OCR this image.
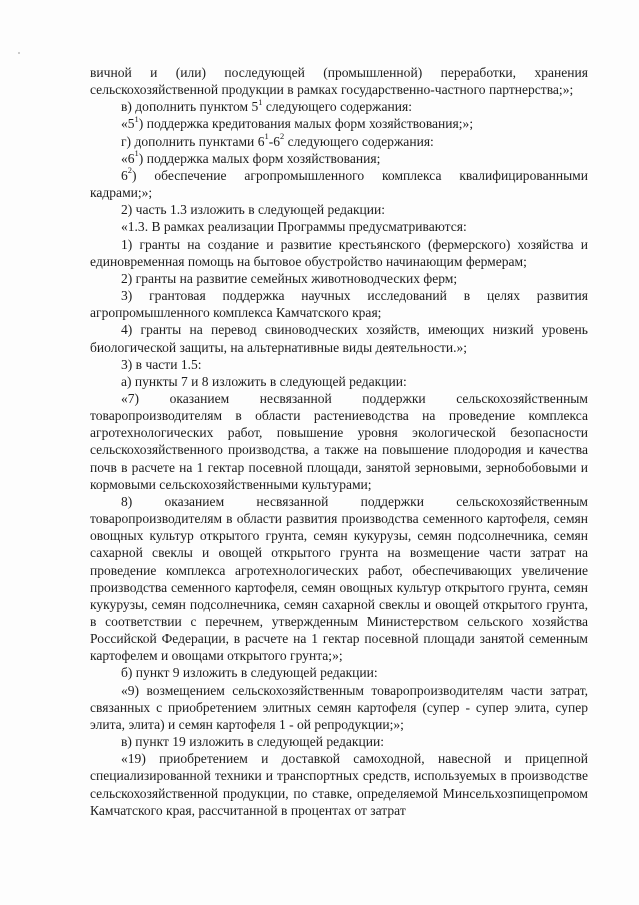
вичной и (или) последующей (промышленной) переработки, хранения сельскохозяйственной продукции в рамках государственно-частного партнерства;»;

в) дополнить пунктом $5^1$ следующего содержания:

«$5^1$) поддержка кредитования малых форм хозяйствования;»;

г) дополнить пунктами $6^1-6^2$ следующего содержания:

«$6^1$) поддержка малых форм хозяйствования;

$6^2$) обеспечение агропромышленного комплекса квалифицированными кадрами;»;

2) часть 1.3 изложить в следующей редакции:

«1.3. В рамках реализации Программы предусматриваются:

1) гранты на создание и развитие крестьянского (фермерского) хозяйства и единовременная помощь на бытовое обустройство начинающим фермерам;

2) гранты на развитие семейных животноводческих ферм;

3) грантовая поддержка научных исследований в целях развития агропромышленного комплекса Камчатского края;

4) гранты на перевод свиноводческих хозяйств, имеющих низкий уровень биологической защиты, на альтернативные виды деятельности.»;

3) в части 1.5:

а) пункты 7 и 8 изложить в следующей редакции:

«7) оказанием несвязанной поддержки сельскохозяйственным товаропроизводителям в области растениеводства на проведение комплекса агротехнологических работ, повышение уровня экологической безопасности сельскохозяйственного производства, а также на повышение плодородия и качества почв в расчете на 1 гектар посевной площади, занятой зерновыми, зернобобовыми и кормовыми сельскохозяйственными культурами;

8) оказанием несвязанной поддержки сельскохозяйственным товаропроизводителям в области развития производства семенного картофеля, семян овощных культур открытого грунта, семян кукурузы, семян подсолнечника, семян сахарной свеклы и овощей открытого грунта на возмещение части затрат на проведение комплекса агротехнологических работ, обеспечивающих увеличение производства семенного картофеля, семян овощных культур открытого грунта, семян кукурузы, семян подсолнечника, семян сахарной свеклы и овощей открытого грунта, в соответствии с перечнем, утвержденным Министерством сельского хозяйства Российской Федерации, в расчете на 1 гектар посевной площади занятой семенным картофелем и овощами открытого грунта;»;

б) пункт 9 изложить в следующей редакции:

«9) возмещением сельскохозяйственным товаропроизводителям части затрат, связанных с приобретением элитных семян картофеля (супер - супер элита, супер элита, элита) и семян картофеля 1 - ой репродукции;»;

в) пункт 19 изложить в следующей редакции:

«19) приобретением и доставкой самоходной, навесной и прицепной специализированной техники и транспортных средств, используемых в производстве сельскохозяйственной продукции, по ставке, определяемой Минсельхозпищепромом Камчатского края, рассчитанной в процентах от затрат
